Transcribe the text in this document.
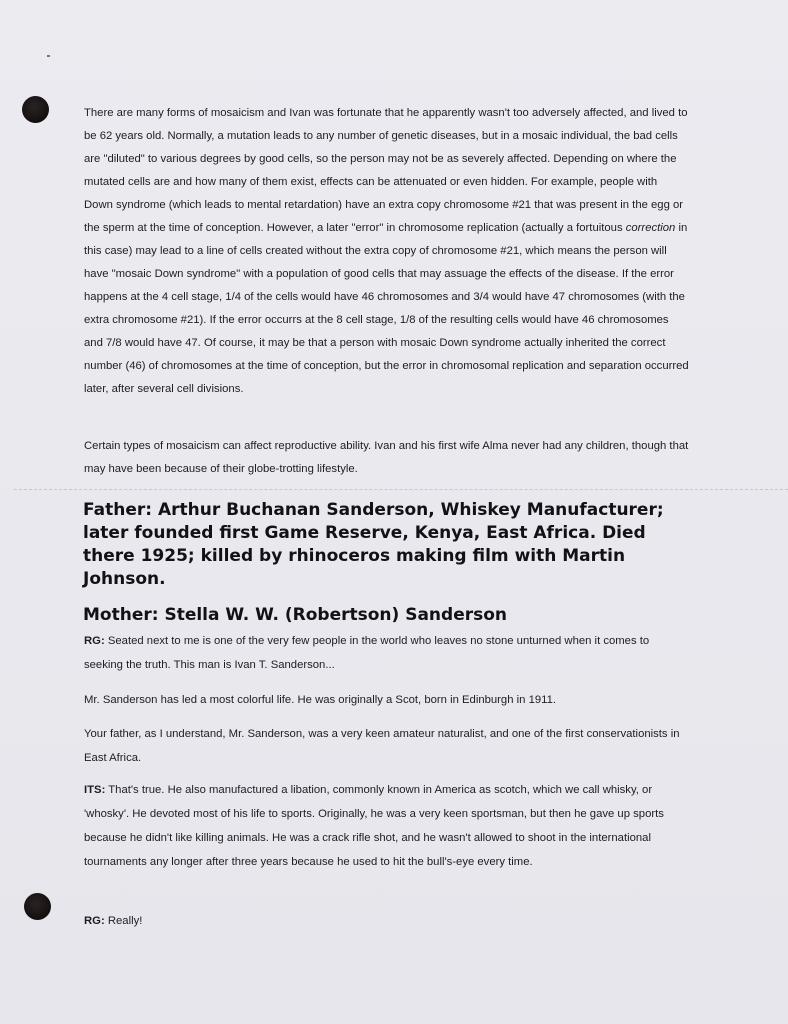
There are many forms of mosaicism and Ivan was fortunate that he apparently wasn't too adversely affected, and lived to be 62 years old. Normally, a mutation leads to any number of genetic diseases, but in a mosaic individual, the bad cells are "diluted" to various degrees by good cells, so the person may not be as severely affected. Depending on where the mutated cells are and how many of them exist, effects can be attenuated or even hidden. For example, people with Down syndrome (which leads to mental retardation) have an extra copy chromosome #21 that was present in the egg or the sperm at the time of conception. However, a later "error" in chromosome replication (actually a fortuitous correction in this case) may lead to a line of cells created without the extra copy of chromosome #21, which means the person will have "mosaic Down syndrome" with a population of good cells that may assuage the effects of the disease. If the error happens at the 4 cell stage, 1/4 of the cells would have 46 chromosomes and 3/4 would have 47 chromosomes (with the extra chromosome #21). If the error occurrs at the 8 cell stage, 1/8 of the resulting cells would have 46 chromosomes and 7/8 would have 47. Of course, it may be that a person with mosaic Down syndrome actually inherited the correct number (46) of chromosomes at the time of conception, but the error in chromosomal replication and separation occurred later, after several cell divisions.

Certain types of mosaicism can affect reproductive ability. Ivan and his first wife Alma never had any children, though that may have been because of their globe-trotting lifestyle.

Father: Arthur Buchanan Sanderson, Whiskey Manufacturer; later founded first Game Reserve, Kenya, East Africa. Died there 1925; killed by rhinoceros making film with Martin Johnson.
Mother: Stella W. W. (Robertson) Sanderson

RG: Seated next to me is one of the very few people in the world who leaves no stone unturned when it comes to seeking the truth. This man is Ivan T. Sanderson...

Mr. Sanderson has led a most colorful life. He was originally a Scot, born in Edinburgh in 1911.

Your father, as I understand, Mr. Sanderson, was a very keen amateur naturalist, and one of the first conservationists in East Africa.

ITS: That's true. He also manufactured a libation, commonly known in America as scotch, which we call whisky, or 'whosky'. He devoted most of his life to sports. Originally, he was a very keen sportsman, but then he gave up sports because he didn't like killing animals. He was a crack rifle shot, and he wasn't allowed to shoot in the international tournaments any longer after three years because he used to hit the bull's-eye every time.

RG: Really!
